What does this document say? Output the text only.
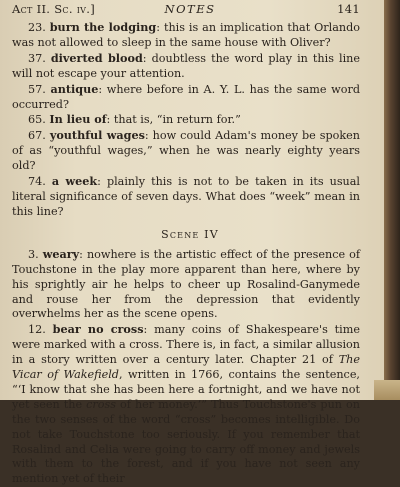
Act II. Sc. iv.]	NOTES	141

23. burn the lodging: this is an implication that Orlando was not allowed to sleep in the same house with Oliver?

37. diverted blood: doubtless the word play in this line will not escape your attention.

57. antique: where before in A. Y. L. has the same word occurred?

65. In lieu of: that is, “in return for.”

67. youthful wages: how could Adam's money be spoken of as “youthful wages,” when he was nearly eighty years old?

74. a week: plainly this is not to be taken in its usual literal significance of seven days. What does “week” mean in this line?

Scene IV

3. weary: nowhere is the artistic effect of the presence of Touchstone in the play more apparent than here, where by his sprightly air he helps to cheer up Rosalind-Ganymede and rouse her from the depression that evidently overwhelms her as the scene opens.

12. bear no cross: many coins of Shakespeare's time were marked with a cross. There is, in fact, a similar allusion in a story written over a century later. Chapter 21 of The Vicar of Wakefield, written in 1766, contains the sentence, “‘I know that she has been here a fortnight, and we have not yet seen the cross of her money.’” Thus Touchstone's pun on the two senses of the word “cross” becomes intelligible. Do not take Touchstone too seriously. If you remember that Rosalind and Celia were going to carry off money and jewels with them to the forest, and if you have not seen any mention yet of their
